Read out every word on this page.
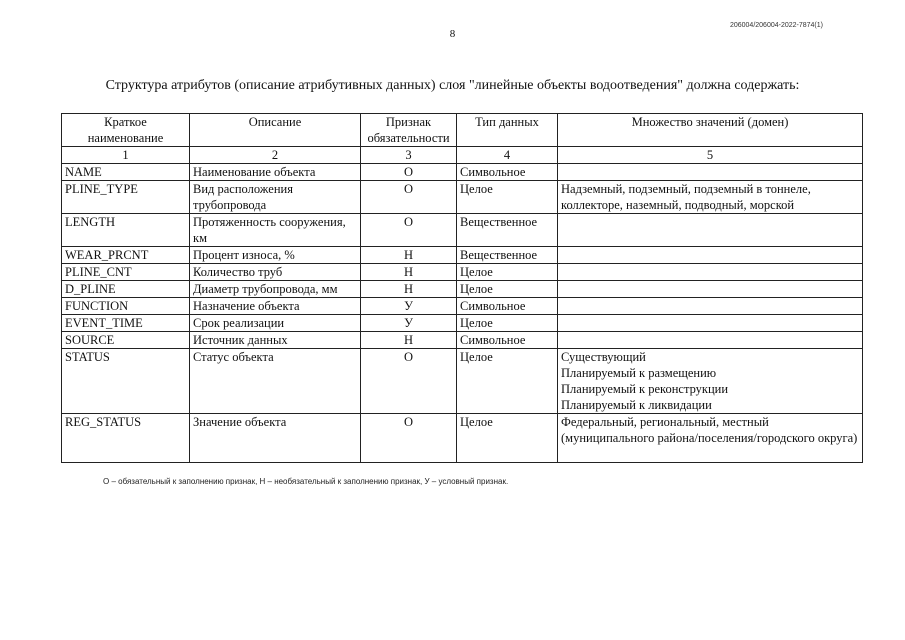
206004/206004-2022-7874(1)
8
Структура атрибутов (описание атрибутивных данных) слоя "линейные объекты водоотведения" должна содержать:
Краткое наименование	Описание	Признак обязательности	Тип данных	Множество значений (домен)
1	2	3	4	5
NAME	Наименование объекта	О	Символьное	
PLINE_TYPE	Вид расположения трубопровода	О	Целое	Надземный, подземный, подземный в тоннеле, коллекторе, наземный, подводный, морской

LENGTH	Протяженность сооружения, км	О	Вещественное	
WEAR_PRCNT	Процент износа, %	Н	Вещественное	
PLINE_CNT	Количество труб	Н	Целое	
D_PLINE	Диаметр трубопровода, мм	Н	Целое	
FUNCTION	Назначение объекта	У	Символьное	
EVENT_TIME	Срок реализации	У	Целое	
SOURCE	Источник данных	Н	Символьное	
STATUS	Статус объекта	О	Целое	Существующий
Планируемый к размещению
Планируемый к реконструкции
Планируемый к ликвидации

REG_STATUS	Значение объекта	О	Целое	Федеральный, региональный, местный (муниципального района/поселения/городского округа)
О – обязательный к заполнению признак, Н – необязательный к заполнению признак, У – условный признак.
